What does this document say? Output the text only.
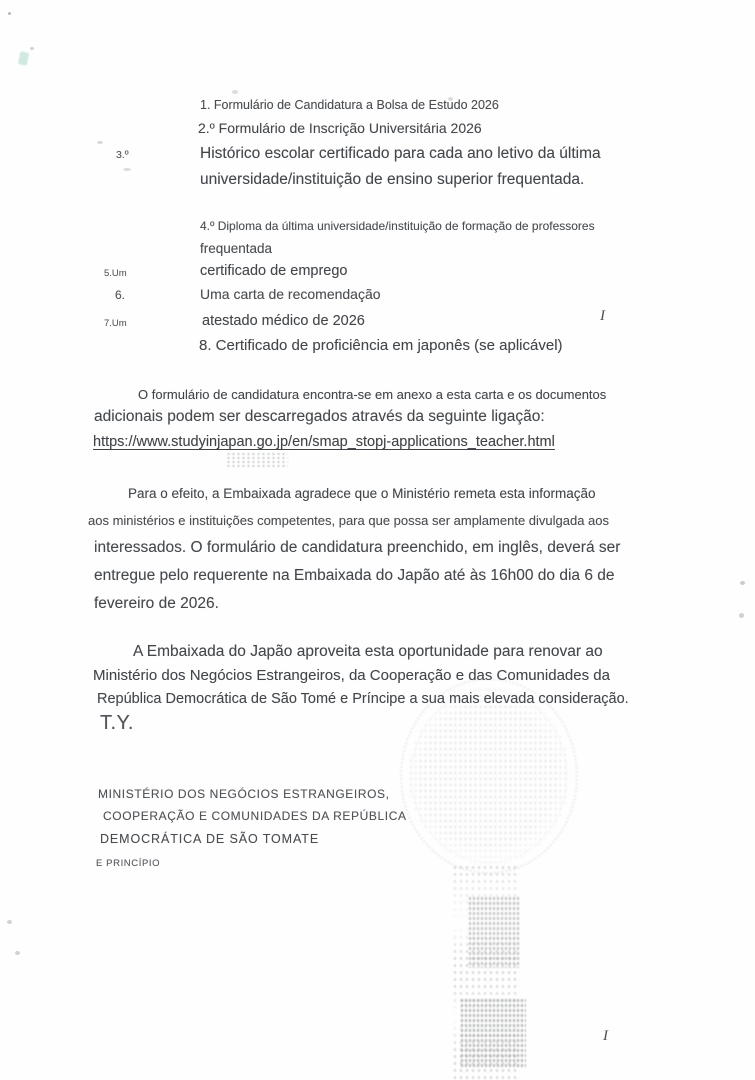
1. Formulário de Candidatura a Bolsa de Estudo 2026
2.º Formulário de Inscrição Universitária 2026
3.º	Histórico escolar certificado para cada ano letivo da última
universidade/instituição de ensino superior frequentada.
4.º Diploma da última universidade/instituição de formação de professores
frequentada
5.Um	certificado de emprego
6.	Uma carta de recomendação
7.Um	atestado médico de 2026
8. Certificado de proficiência em japonês (se aplicável)
O formulário de candidatura encontra-se em anexo a esta carta e os documentos
adicionais podem ser descarregados através da seguinte ligação:
https://www.studyinjapan.go.jp/en/smap_stopj-applications_teacher.html
Para o efeito, a Embaixada agradece que o Ministério remeta esta informação
aos ministérios e instituições competentes, para que possa ser amplamente divulgada aos
interessados. O formulário de candidatura preenchido, em inglês, deverá ser
entregue pelo requerente na Embaixada do Japão até às 16h00 do dia 6 de
fevereiro de 2026.
A Embaixada do Japão aproveita esta oportunidade para renovar ao
Ministério dos Negócios Estrangeiros, da Cooperação e das Comunidades da
República Democrática de São Tomé e Príncipe a sua mais elevada consideração.
T.Y.
MINISTÉRIO DOS NEGÓCIOS ESTRANGEIROS,
COOPERAÇÃO E COMUNIDADES DA REPÚBLICA
DEMOCRÁTICA DE SÃO TOMATE
E PRINCÍPIO
I
I
